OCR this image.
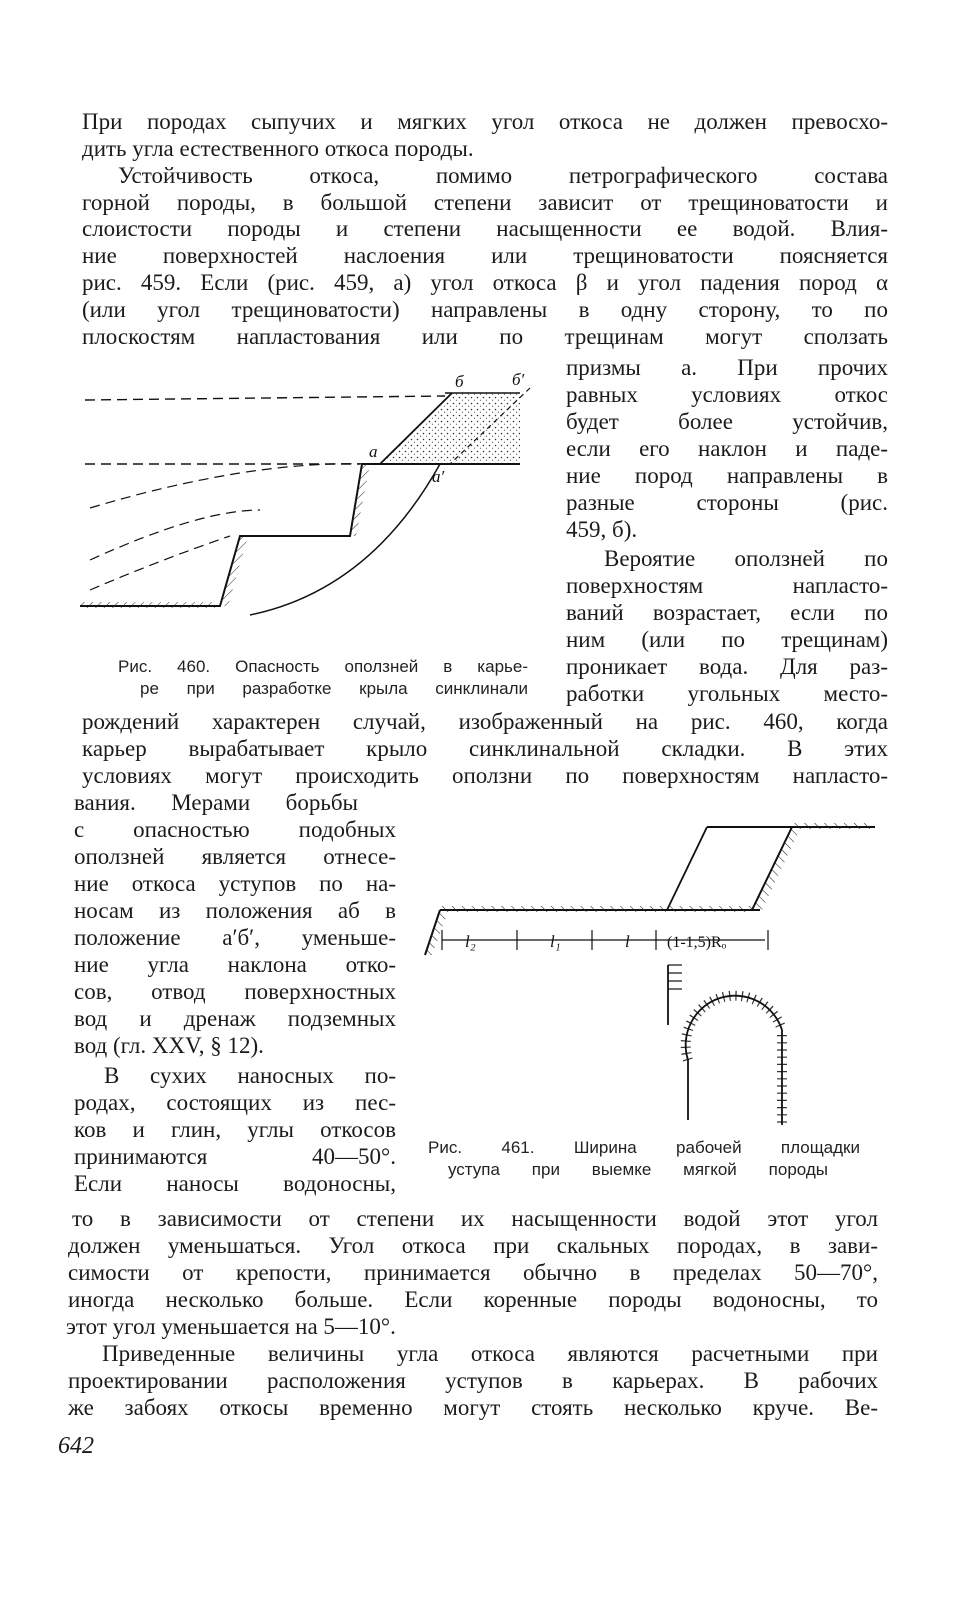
При породах сыпучих и мягких угол откоса не должен превосхо-
дить угла естественного откоса породы.
Устойчивость откоса, помимо петрографического состава
горной породы, в большой степени зависит от трещиноватости и
слоистости породы и степени насыщенности ее водой. Влия-
ние поверхностей наслоения или трещиноватости поясняется
рис. 459. Если (рис. 459, а) угол откоса β и угол падения пород α
(или угол трещиноватости) направлены в одну сторону, то по
плоскостям напластования или по трещинам могут сползать
б	б′
а
а′
призмы а. При прочих
равных условиях откос
будет более устойчив,
если его наклон и паде-
ние пород направлены в
разные стороны (рис.
459, б).
Вероятие оползней по
поверхностям напласто-
ваний возрастает, если по
ним (или по трещинам)
проникает вода. Для раз-
работки угольных место-
Рис. 460. Опасность оползней в карье-
ре при разработке крыла синклинали
рождений характерен случай, изображенный на рис. 460, когда
карьер вырабатывает крыло синклинальной складки. В этих
условиях могут происходить оползни по поверхностям напласто-
вания. Мерами борьбы
с опасностью подобных
оползней является отнесе-
ние откоса уступов по на-
носам из положения аб в
положение а′б′, уменьше-
ние угла наклона отко-
сов, отвод поверхностных
вод и дренаж подземных
вод (гл. XXV, § 12).
В сухих наносных по-
родах, состоящих из пес-
ков и глин, углы откосов
принимаются 40—50°.
Если наносы водоносны,
l₂	l₁	l (1-1,5)Rₒ
Рис. 461. Ширина рабочей площадки
уступа при выемке мягкой породы
то в зависимости от степени их насыщенности водой этот угол
должен уменьшаться. Угол откоса при скальных породах, в зави-
симости от крепости, принимается обычно в пределах 50—70°,
иногда несколько больше. Если коренные породы водоносны, то
этот угол уменьшается на 5—10°.
Приведенные величины угла откоса являются расчетными при
проектировании расположения уступов в карьерах. В рабочих
же забоях откосы временно могут стоять несколько круче. Ве-
642
